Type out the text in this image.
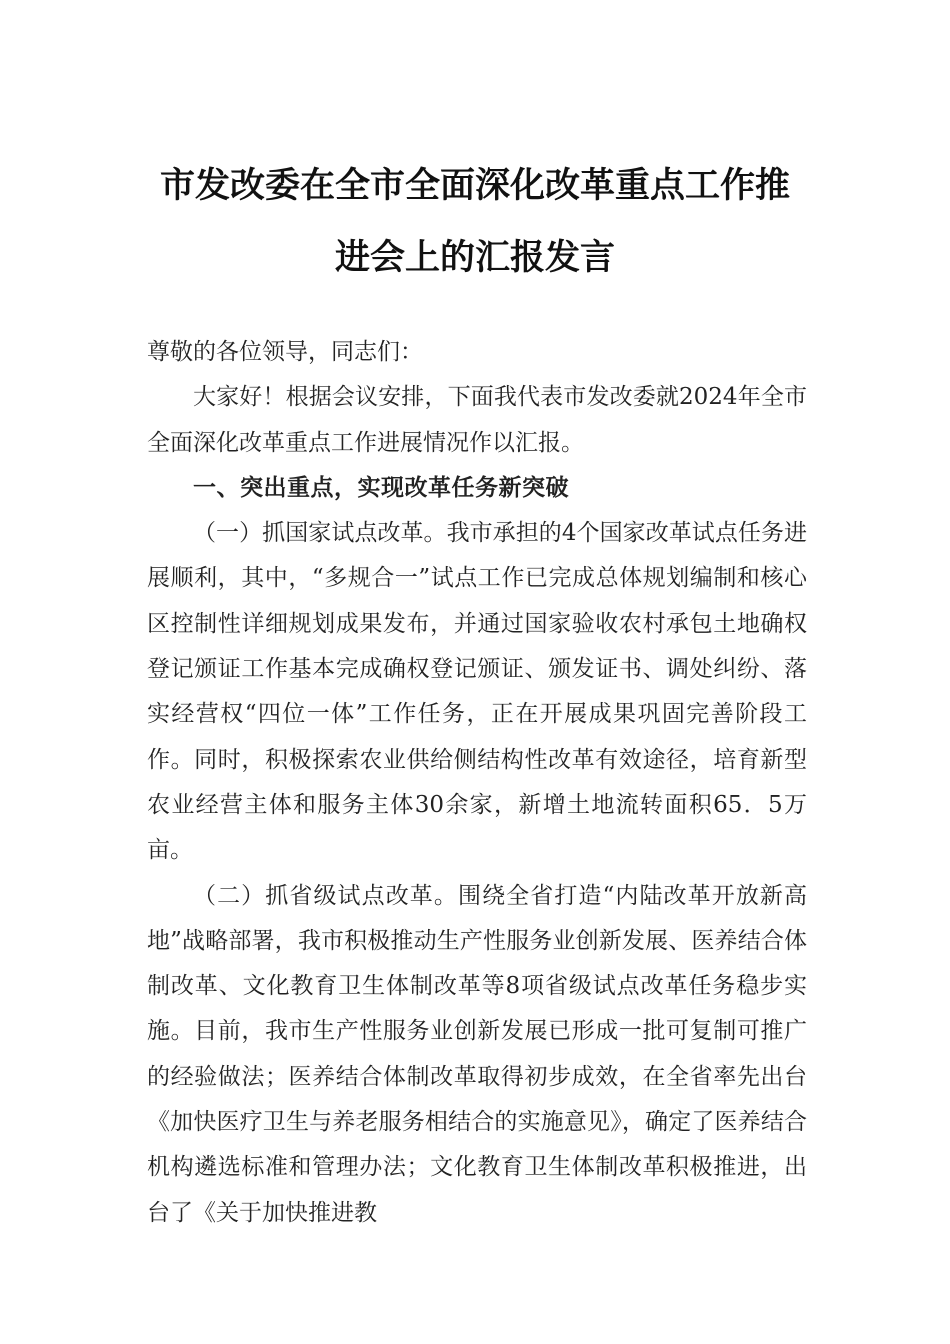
市发改委在全市全面深化改革重点工作推
进会上的汇报发言

尊敬的各位领导，同志们：

大家好！根据会议安排，下面我代表市发改委就2024年全市全面深化改革重点工作进展情况作以汇报。

一、突出重点，实现改革任务新突破

（一）抓国家试点改革。我市承担的4个国家改革试点任务进展顺利，其中，“多规合一”试点工作已完成总体规划编制和核心区控制性详细规划成果发布，并通过国家验收农村承包土地确权登记颁证工作基本完成确权登记颁证、颁发证书、调处纠纷、落实经营权“四位一体”工作任务，正在开展成果巩固完善阶段工作。同时，积极探索农业供给侧结构性改革有效途径，培育新型农业经营主体和服务主体30余家，新增土地流转面积65．5万亩。

（二）抓省级试点改革。围绕全省打造“内陆改革开放新高地”战略部署，我市积极推动生产性服务业创新发展、医养结合体制改革、文化教育卫生体制改革等8项省级试点改革任务稳步实施。目前，我市生产性服务业创新发展已形成一批可复制可推广的经验做法；医养结合体制改革取得初步成效，在全省率先出台《加快医疗卫生与养老服务相结合的实施意见》，确定了医养结合机构遴选标准和管理办法；文化教育卫生体制改革积极推进，出台了《关于加快推进教
